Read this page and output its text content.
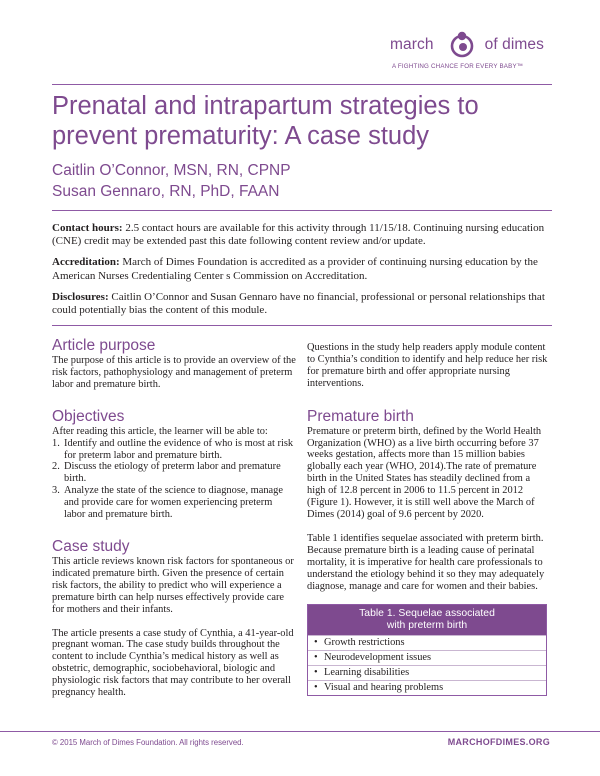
march	of dimes
A FIGHTING CHANCE FOR EVERY BABY™
Prenatal and intrapartum strategies to prevent prematurity: A case study
Caitlin O’Connor, MSN, RN, CPNP
Susan Gennaro, RN, PhD, FAAN

Contact hours: 2.5 contact hours are available for this activity through 11/15/18. Continuing nursing education (CNE) credit may be extended past this date following content review and/or update.

Accreditation: March of Dimes Foundation is accredited as a provider of continuing nursing education by the American Nurses Credentialing Center s Commission on Accreditation.

Disclosures: Caitlin O’Connor and Susan Gennaro have no financial, professional or personal relationships that could potentially bias the content of this module.

Article purpose

The purpose of this article is to provide an overview of the risk factors, pathophysiology and management of preterm labor and premature birth.

Objectives

After reading this article, the learner will be able to:

1. Identify and outline the evidence of who is most at risk for preterm labor and premature birth.
2. Discuss the etiology of preterm labor and premature birth.
3. Analyze the state of the science to diagnose, manage and provide care for women experiencing preterm labor and premature birth.
Case study

This article reviews known risk factors for spontaneous or indicated premature birth. Given the presence of certain risk factors, the ability to predict who will experience a premature birth can help nurses effectively provide care for mothers and their infants.

The article presents a case study of Cynthia, a 41-year-old pregnant woman. The case study builds throughout the content to include Cynthia’s medical history as well as obstetric, demographic, sociobehavioral, biologic and physiologic risk factors that may contribute to her overall pregnancy health.

Questions in the study help readers apply module content to Cynthia’s condition to identify and help reduce her risk for premature birth and offer appropriate nursing interventions.

Premature birth

Premature or preterm birth, defined by the World Health Organization (WHO) as a live birth occurring before 37 weeks gestation, affects more than 15 million babies globally each year (WHO, 2014).The rate of premature birth in the United States has steadily declined from a high of 12.8 percent in 2006 to 11.5 percent in 2012 (Figure 1). However, it is still well above the March of Dimes (2014) goal of 9.6 percent by 2020.

Table 1 identifies sequelae associated with preterm birth. Because premature birth is a leading cause of perinatal mortality, it is imperative for health care professionals to understand the etiology behind it so they may adequately diagnose, manage and care for women and their babies.

Table 1. Sequelae associated
with preterm birth
• Growth restrictions
• Neurodevelopment issues
• Learning disabilities
• Visual and hearing problems
© 2015 March of Dimes Foundation. All rights reserved.	MARCHOFDIMES.ORG
